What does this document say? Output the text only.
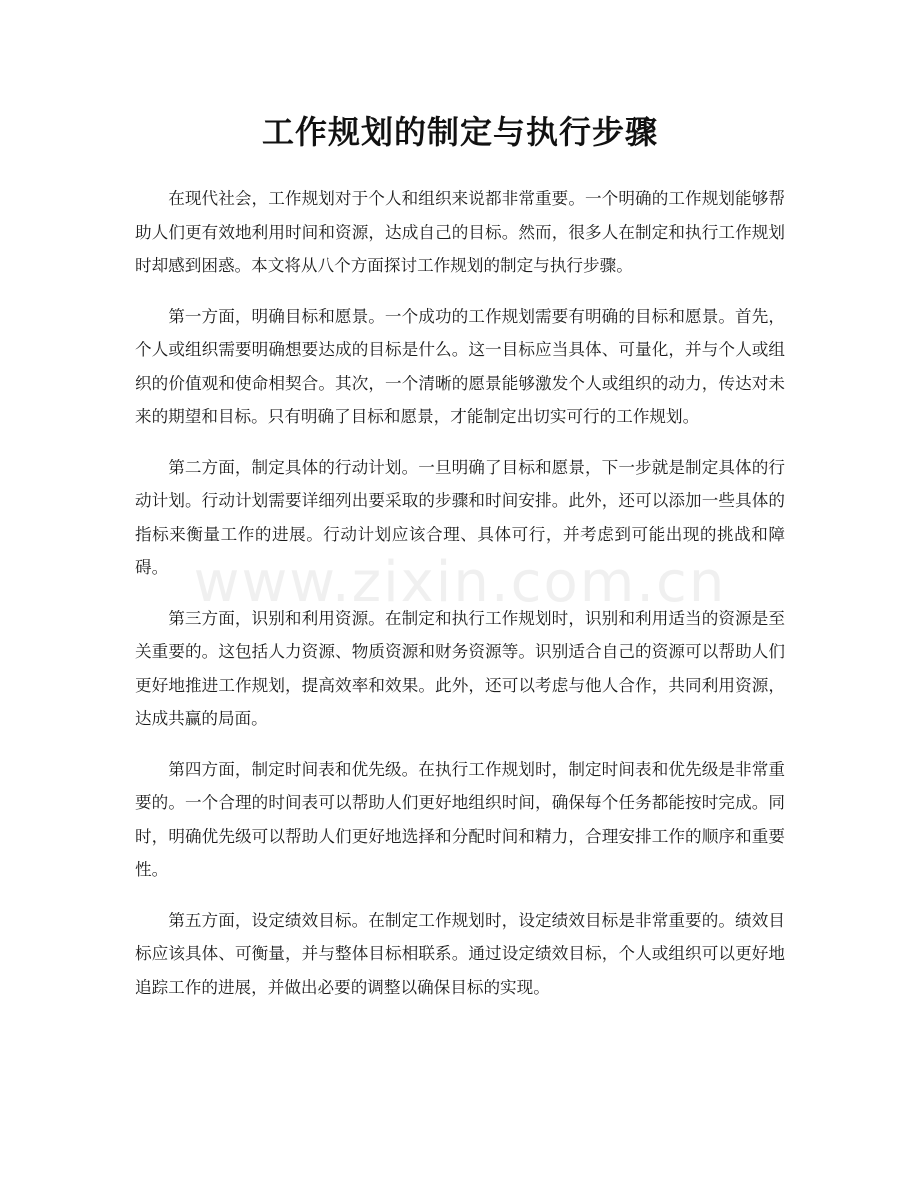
工作规划的制定与执行步骤

在现代社会，工作规划对于个人和组织来说都非常重要。一个明确的工作规划能够帮助人们更有效地利用时间和资源，达成自己的目标。然而，很多人在制定和执行工作规划时却感到困惑。本文将从八个方面探讨工作规划的制定与执行步骤。

第一方面，明确目标和愿景。一个成功的工作规划需要有明确的目标和愿景。首先，个人或组织需要明确想要达成的目标是什么。这一目标应当具体、可量化，并与个人或组织的价值观和使命相契合。其次，一个清晰的愿景能够激发个人或组织的动力，传达对未来的期望和目标。只有明确了目标和愿景，才能制定出切实可行的工作规划。

第二方面，制定具体的行动计划。一旦明确了目标和愿景，下一步就是制定具体的行动计划。行动计划需要详细列出要采取的步骤和时间安排。此外，还可以添加一些具体的指标来衡量工作的进展。行动计划应该合理、具体可行，并考虑到可能出现的挑战和障碍。

第三方面，识别和利用资源。在制定和执行工作规划时，识别和利用适当的资源是至关重要的。这包括人力资源、物质资源和财务资源等。识别适合自己的资源可以帮助人们更好地推进工作规划，提高效率和效果。此外，还可以考虑与他人合作，共同利用资源，达成共赢的局面。

第四方面，制定时间表和优先级。在执行工作规划时，制定时间表和优先级是非常重要的。一个合理的时间表可以帮助人们更好地组织时间，确保每个任务都能按时完成。同时，明确优先级可以帮助人们更好地选择和分配时间和精力，合理安排工作的顺序和重要性。

第五方面，设定绩效目标。在制定工作规划时，设定绩效目标是非常重要的。绩效目标应该具体、可衡量，并与整体目标相联系。通过设定绩效目标，个人或组织可以更好地追踪工作的进展，并做出必要的调整以确保目标的实现。

www.zixin.com.cn
